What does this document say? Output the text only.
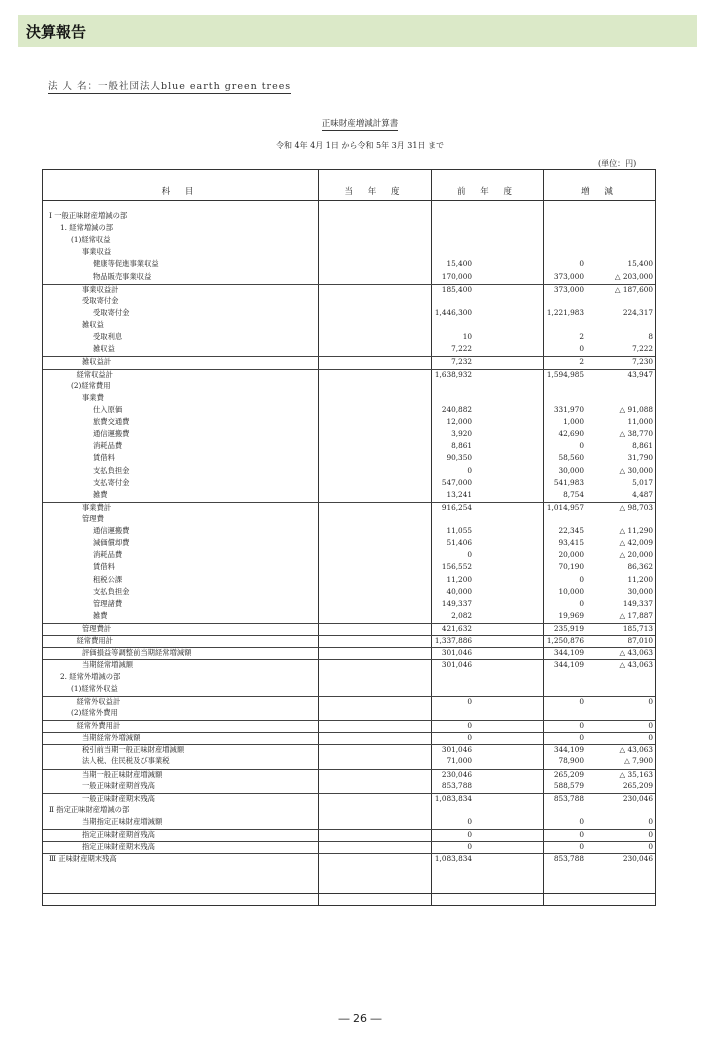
決算報告
法 人 名：一般社団法人blue earth green trees
正味財産増減計算書
令和 4年 4月 1日 から令和 5年 3月 31日 まで
(単位：円)
科 目	当 年 度	前 年 度	増 減
Ⅰ 一般正味財産増減の部
1. 経常増減の部
(1)経常収益
事業収益
健康等促進事業収益	15,400	0	15,400
物品販売事業収益	170,000	373,000	△ 203,000
事業収益計	185,400	373,000	△ 187,600
受取寄付金
受取寄付金	1,446,300	1,221,983	224,317
雑収益
受取利息	10	2	8
雑収益	7,222	0	7,222
雑収益計	7,232	2	7,230
経常収益計	1,638,932	1,594,985	43,947
(2)経常費用
事業費
仕入原価	240,882	331,970	△ 91,088
旅費交通費	12,000	1,000	11,000
通信運搬費	3,920	42,690	△ 38,770
消耗品費	8,861	0	8,861
賃借料	90,350	58,560	31,790
支払負担金	0	30,000	△ 30,000
支払寄付金	547,000	541,983	5,017
雑費	13,241	8,754	4,487
事業費計	916,254	1,014,957	△ 98,703
管理費
通信運搬費	11,055	22,345	△ 11,290
減価償却費	51,406	93,415	△ 42,009
消耗品費	0	20,000	△ 20,000
賃借料	156,552	70,190	86,362
租税公課	11,200	0	11,200
支払負担金	40,000	10,000	30,000
管理諸費	149,337	0	149,337
雑費	2,082	19,969	△ 17,887
管理費計	421,632	235,919	185,713
経常費用計	1,337,886	1,250,876	87,010
評価損益等調整前当期経常増減額	301,046	344,109	△ 43,063
当期経常増減額	301,046	344,109	△ 43,063
2. 経常外増減の部
(1)経常外収益
経常外収益計	0	0	0
(2)経常外費用
経常外費用計	0	0	0
当期経常外増減額	0	0	0
税引前当期一般正味財産増減額	301,046	344,109	△ 43,063
法人税、住民税及び事業税	71,000	78,900	△ 7,900
当期一般正味財産増減額	230,046	265,209	△ 35,163
一般正味財産期首残高	853,788	588,579	265,209
一般正味財産期末残高	1,083,834	853,788	230,046
Ⅱ 指定正味財産増減の部
当期指定正味財産増減額	0	0	0
指定正味財産期首残高	0	0	0
指定正味財産期末残高	0	0	0
Ⅲ 正味財産期末残高	1,083,834	853,788	230,046
― 26 ―
